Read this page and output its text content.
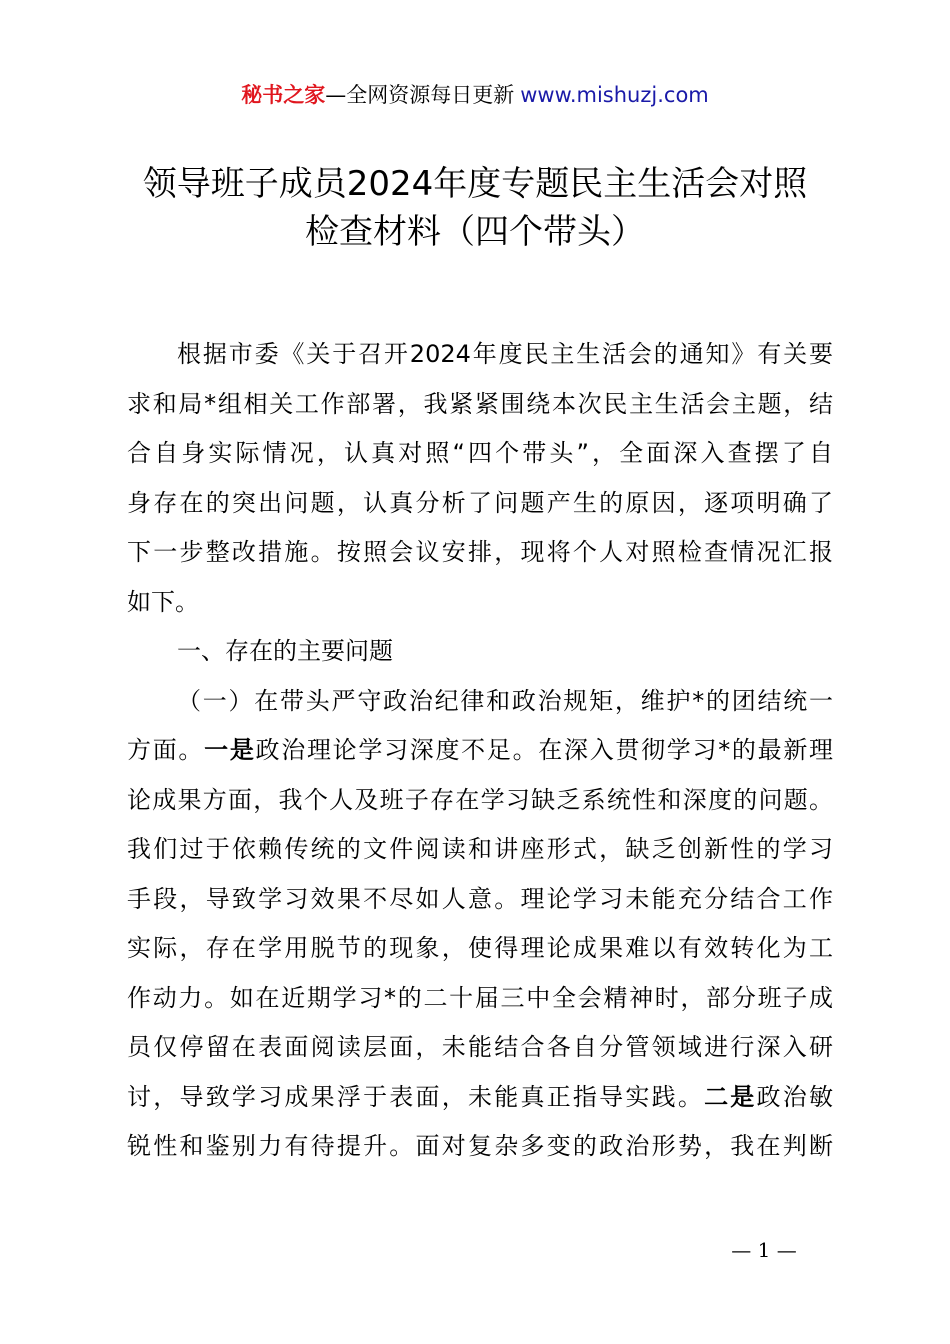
秘书之家—全网资源每日更新 www.mishuzj.com
领导班子成员2024年度专题民主生活会对照
检查材料（四个带头）

根据市委《关于召开2024年度民主生活会的通知》有关要
求和局*组相关工作部署，我紧紧围绕本次民主生活会主题，结
合自身实际情况，认真对照“四个带头”，全面深入查摆了自
身存在的突出问题，认真分析了问题产生的原因，逐项明确了
下一步整改措施。按照会议安排，现将个人对照检查情况汇报
如下。

一、存在的主要问题

（一）在带头严守政治纪律和政治规矩，维护*的团结统一
方面。一是政治理论学习深度不足。在深入贯彻学习*的最新理
论成果方面，我个人及班子存在学习缺乏系统性和深度的问题。
我们过于依赖传统的文件阅读和讲座形式，缺乏创新性的学习
手段，导致学习效果不尽如人意。理论学习未能充分结合工作
实际，存在学用脱节的现象，使得理论成果难以有效转化为工
作动力。如在近期学习*的二十届三中全会精神时，部分班子成
员仅停留在表面阅读层面，未能结合各自分管领域进行深入研
讨，导致学习成果浮于表面，未能真正指导实践。二是政治敏
锐性和鉴别力有待提升。面对复杂多变的政治形势，我在判断

— 1 —
